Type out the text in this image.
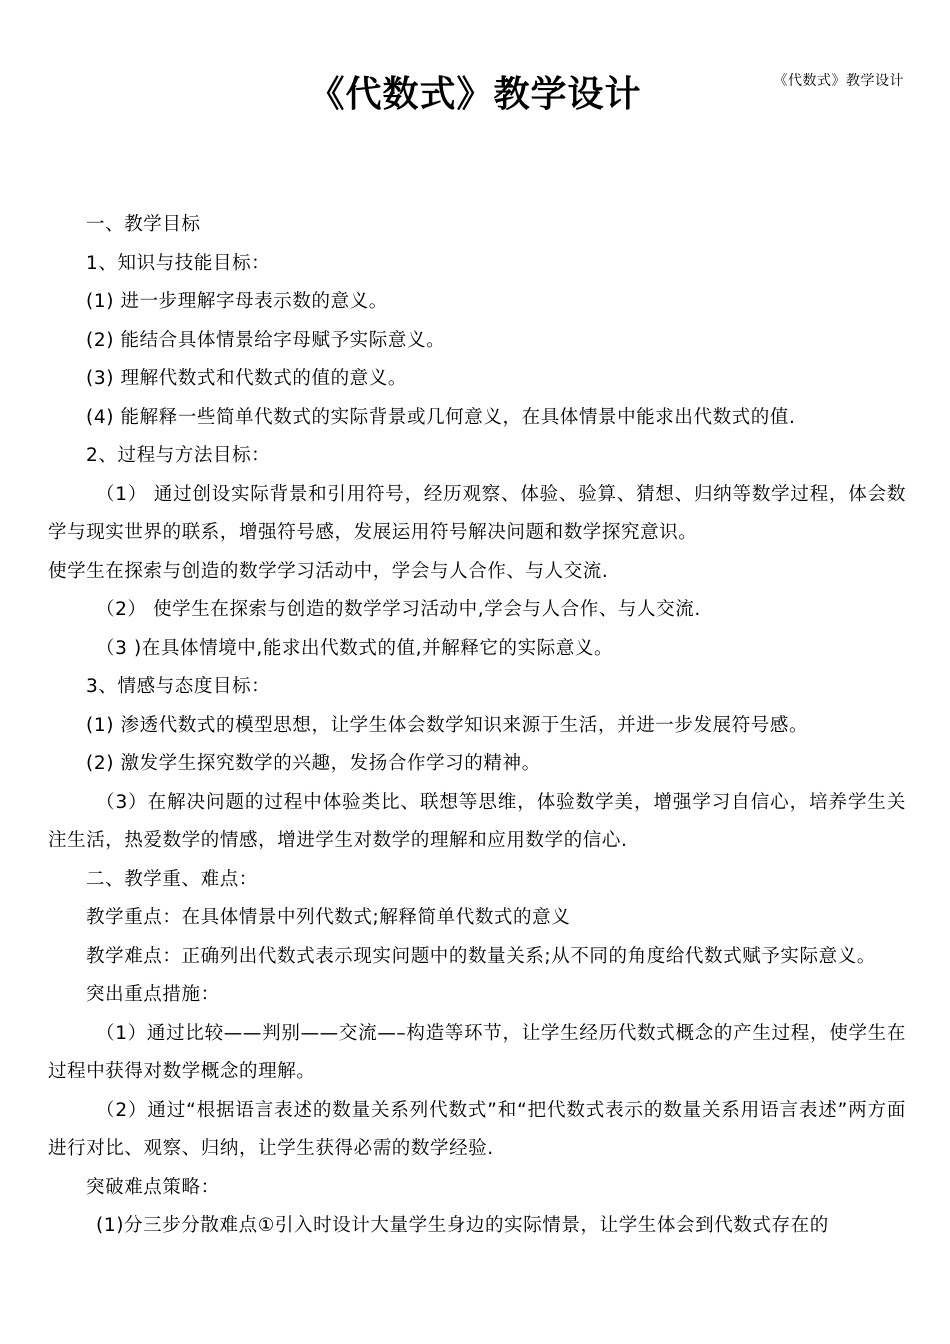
《代数式》教学设计
《代数式》教学设计

一、教学目标

1、知识与技能目标：

(1) 进一步理解字母表示数的意义。

(2) 能结合具体情景给字母赋予实际意义。

(3) 理解代数式和代数式的值的意义。

(4) 能解释一些简单代数式的实际背景或几何意义，在具体情景中能求出代数式的值.

2、过程与方法目标：

（1） 通过创设实际背景和引用符号，经历观察、体验、验算、猜想、归纳等数学过程，体会数学与现实世界的联系，增强符号感，发展运用符号解决问题和数学探究意识。

使学生在探索与创造的数学学习活动中，学会与人合作、与人交流.

（2） 使学生在探索与创造的数学学习活动中,学会与人合作、与人交流.

（3 )在具体情境中,能求出代数式的值,并解释它的实际意义。

3、情感与态度目标：

(1) 渗透代数式的模型思想，让学生体会数学知识来源于生活，并进一步发展符号感。

(2) 激发学生探究数学的兴趣，发扬合作学习的精神。

（3）在解决问题的过程中体验类比、联想等思维，体验数学美，增强学习自信心，培养学生关注生活，热爱数学的情感，增进学生对数学的理解和应用数学的信心.

二、教学重、难点：

教学重点：在具体情景中列代数式;解释简单代数式的意义

教学难点：正确列出代数式表示现实问题中的数量关系;从不同的角度给代数式赋予实际意义。

突出重点措施：

（1）通过比较——判别——交流—–构造等环节，让学生经历代数式概念的产生过程，使学生在过程中获得对数学概念的理解。

（2）通过“根据语言表述的数量关系列代数式”和“把代数式表示的数量关系用语言表述”两方面进行对比、观察、归纳，让学生获得必需的数学经验.

突破难点策略：

(1)分三步分散难点①引入时设计大量学生身边的实际情景，让学生体会到代数式存在的
